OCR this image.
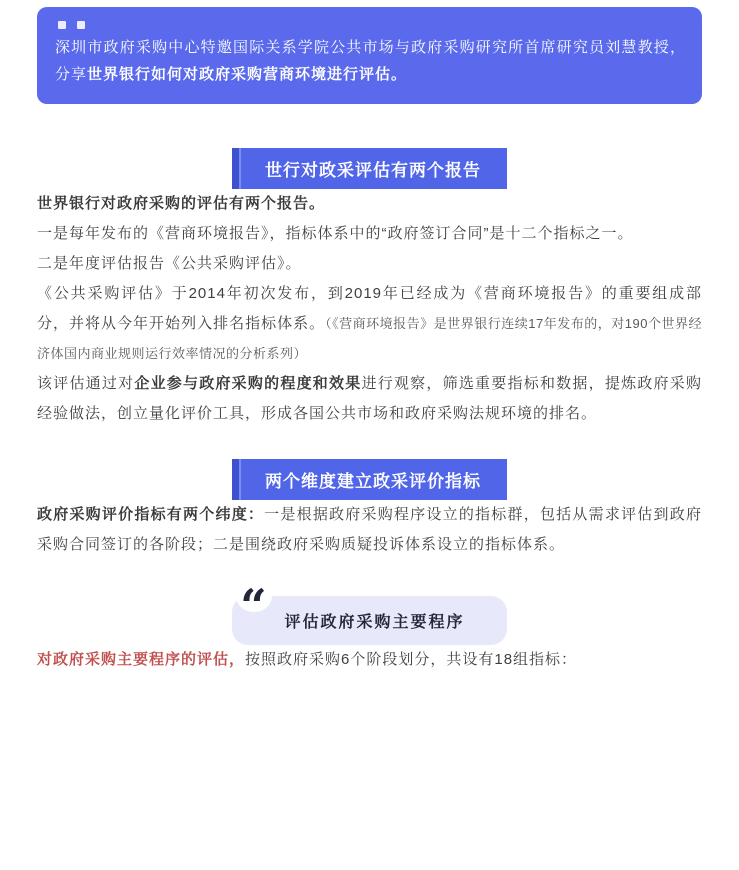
深圳市政府采购中心特邀国际关系学院公共市场与政府采购研究所首席研究员刘慧教授，分享世界银行如何对政府采购营商环境进行评估。
世行对政采评估有两个报告

世界银行对政府采购的评估有两个报告。

一是每年发布的《营商环境报告》，指标体系中的“政府签订合同”是十二个指标之一。

二是年度评估报告《公共采购评估》。

《公共采购评估》于2014年初次发布，到2019年已经成为《营商环境报告》的重要组成部分，并将从今年开始列入排名指标体系。（《营商环境报告》是世界银行连续17年发布的，对190个世界经济体国内商业规则运行效率情况的分析系列）

该评估通过对企业参与政府采购的程度和效果进行观察，筛选重要指标和数据，提炼政府采购经验做法，创立量化评价工具，形成各国公共市场和政府采购法规环境的排名。

两个维度建立政采评价指标

政府采购评价指标有两个纬度：一是根据政府采购程序设立的指标群，包括从需求评估到政府采购合同签订的各阶段；二是围绕政府采购质疑投诉体系设立的指标体系。

“ 评估政府采购主要程序

对政府采购主要程序的评估，按照政府采购6个阶段划分，共设有18组指标：
